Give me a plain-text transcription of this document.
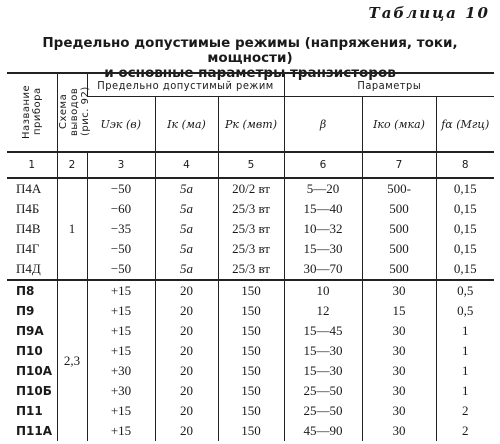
Таблица 10
Предельно допустимые режимы (напряжения, токи, мощности)
и основные параметры транзисторов
Название прибора	Схема выводов (рис. 92)	Предельно допустимый режим			Параметры		
		Uэк (в)	Iк (ма)	Pк (мвт)	β	Iко (мка)	fα (Мгц)
1	2	3	4	5	6	7	8
П4А	1	−50	5а	20/2 вт	5—20	500-	0,15
П4Б		−60	5а	25/3 вт	15—40	500	0,15
П4В		−35	5а	25/3 вт	10—32	500	0,15
П4Г		−50	5а	25/3 вт	15—30	500	0,15
П4Д		−50	5а	25/3 вт	30—70	500	0,15
П8	2,3	+15	20	150	10	30	0,5
П9		+15	20	150	12	15	0,5
П9А		+15	20	150	15—45	30	1
П10		+15	20	150	15—30	30	1
П10А		+30	20	150	15—30	30	1
П10Б		+30	20	150	25—50	30	1
П11		+15	20	150	25—50	30	2
П11А		+15	20	150	45—90	30	2
